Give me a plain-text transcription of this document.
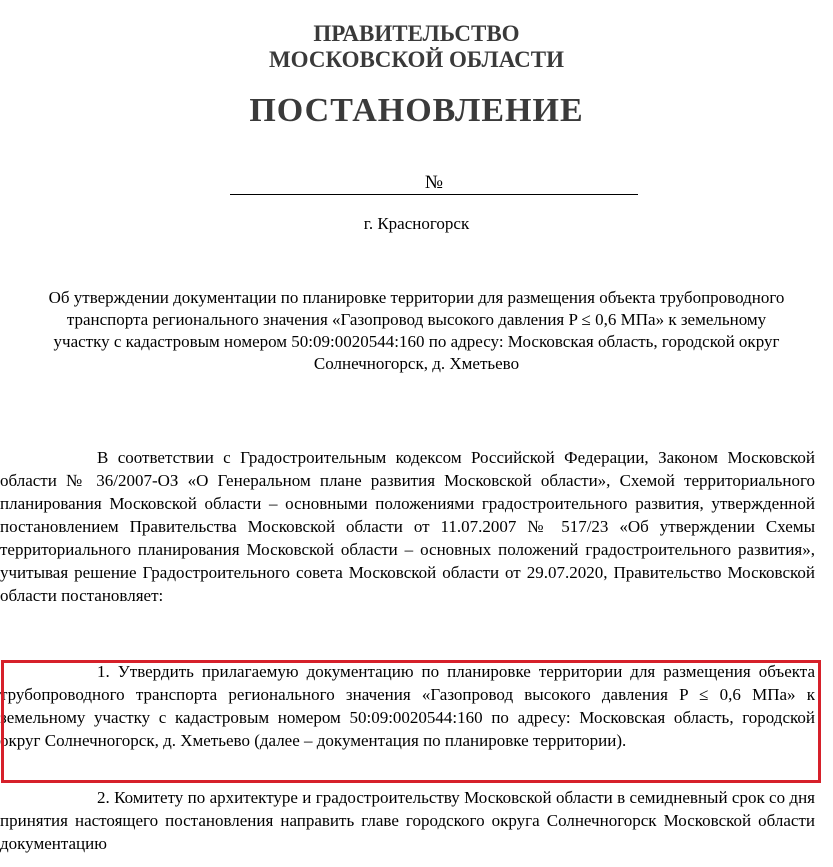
ПРАВИТЕЛЬСТВО
МОСКОВСКОЙ ОБЛАСТИ
ПОСТАНОВЛЕНИЕ
№
г. Красногорск
Об утверждении документации по планировке территории для размещения объекта трубопроводного транспорта регионального значения «Газопровод высокого давления P ≤ 0,6 МПа» к земельному участку с кадастровым номером 50:09:0020544:160 по адресу: Московская область, городской округ Солнечногорск, д. Хметьево
В соответствии с Градостроительным кодексом Российской Федерации, Законом Московской области № 36/2007-ОЗ «О Генеральном плане развития Московской области», Схемой территориального планирования Московской области – основными положениями градостроительного развития, утвержденной постановлением Правительства Московской области от 11.07.2007 № 517/23 «Об утверждении Схемы территориального планирования Московской области – основных положений градостроительного развития», учитывая решение Градостроительного совета Московской области от 29.07.2020, Правительство Московской области постановляет:
1. Утвердить прилагаемую документацию по планировке территории для размещения объекта трубопроводного транспорта регионального значения «Газопровод высокого давления P ≤ 0,6 МПа» к земельному участку с кадастровым номером 50:09:0020544:160 по адресу: Московская область, городской округ Солнечногорск, д. Хметьево (далее – документация по планировке территории).
2. Комитету по архитектуре и градостроительству Московской области в семидневный срок со дня принятия настоящего постановления направить главе городского округа Солнечногорск Московской области документацию
